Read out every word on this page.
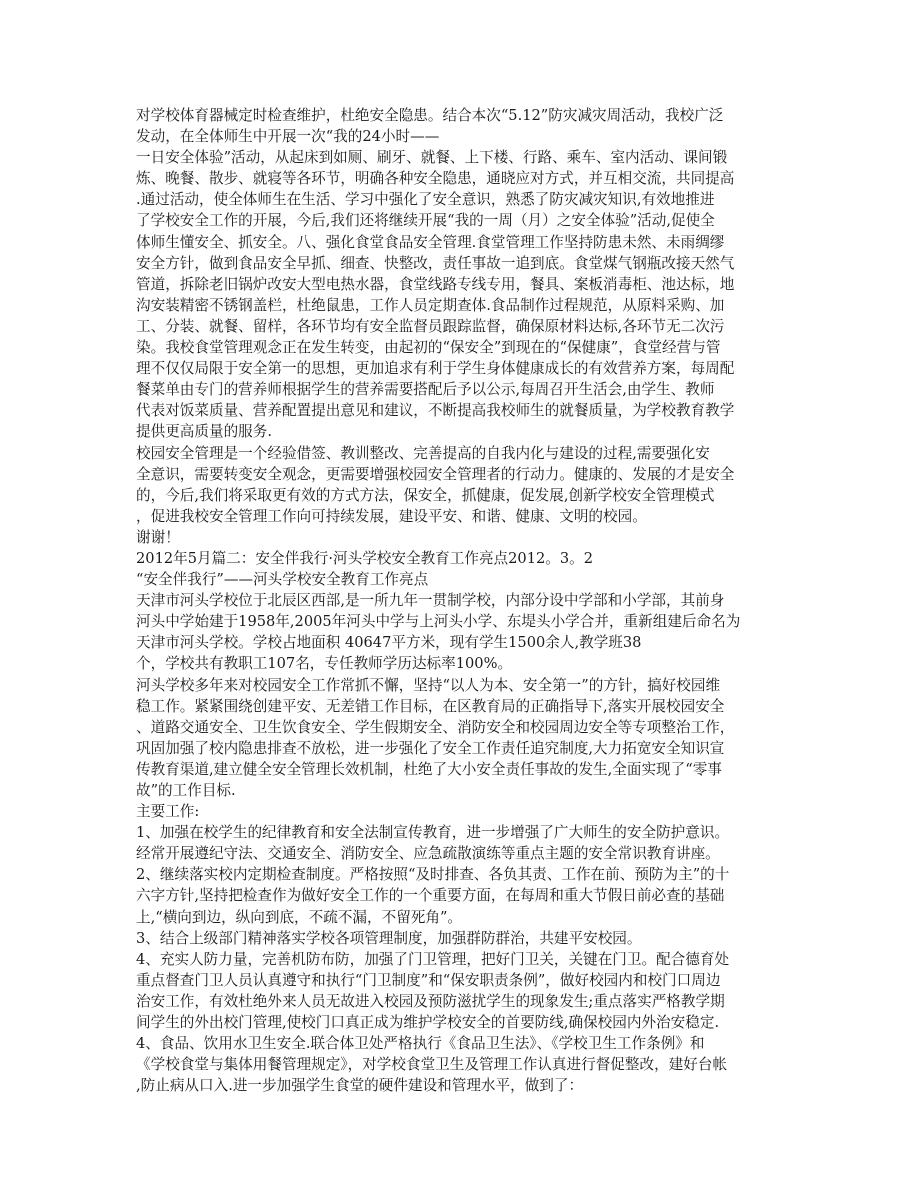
对学校体育器械定时检查维护，杜绝安全隐患。结合本次“5.12”防灾减灾周活动，我校广泛
发动，在全体师生中开展一次“我的24小时——
一日安全体验”活动，从起床到如厕、刷牙、就餐、上下楼、行路、乘车、室内活动、课间锻
炼、晚餐、散步、就寝等各环节，明确各种安全隐患，通晓应对方式，并互相交流，共同提高
.通过活动，使全体师生在生活、学习中强化了安全意识，熟悉了防灾减灾知识,有效地推进
了学校安全工作的开展，今后,我们还将继续开展“我的一周（月）之安全体验”活动,促使全
体师生懂安全、抓安全。八、强化食堂食品安全管理.食堂管理工作坚持防患未然、未雨绸缪
安全方针，做到食品安全早抓、细查、快整改，责任事故一追到底。食堂煤气钢瓶改接天然气
管道，拆除老旧锅炉改安大型电热水器，食堂线路专线专用，餐具、案板消毒柜、池达标，地
沟安装精密不锈钢盖栏，杜绝鼠患，工作人员定期查体.食品制作过程规范，从原料采购、加
工、分装、就餐、留样，各环节均有安全监督员跟踪监督，确保原材料达标,各环节无二次污
染。我校食堂管理观念正在发生转变，由起初的“保安全”到现在的“保健康”，食堂经营与管
理不仅仅局限于安全第一的思想，更加追求有利于学生身体健康成长的有效营养方案，每周配
餐菜单由专门的营养师根据学生的营养需要搭配后予以公示,每周召开生活会,由学生、教师
代表对饭菜质量、营养配置提出意见和建议，不断提高我校师生的就餐质量，为学校教育教学
提供更高质量的服务.
校园安全管理是一个经验借签、教训整改、完善提高的自我内化与建设的过程,需要强化安
全意识，需要转变安全观念，更需要增强校园安全管理者的行动力。健康的、发展的才是安全
的，今后,我们将采取更有效的方式方法，保安全，抓健康，促发展,创新学校安全管理模式
，促进我校安全管理工作向可持续发展，建设平安、和谐、健康、文明的校园。
谢谢！
2012年5月篇二：安全伴我行·河头学校安全教育工作亮点2012。3。2
“安全伴我行”——河头学校安全教育工作亮点
天津市河头学校位于北辰区西部,是一所九年一贯制学校，内部分设中学部和小学部，其前身
河头中学始建于1958年,2005年河头中学与上河头小学、东堤头小学合并，重新组建后命名为
天津市河头学校。学校占地面积 40647平方米，现有学生1500余人,教学班38
个，学校共有教职工107名，专任教师学历达标率100%。
河头学校多年来对校园安全工作常抓不懈，坚持“以人为本、安全第一”的方针，搞好校园维
稳工作。紧紧围绕创建平安、无差错工作目标，在区教育局的正确指导下,落实开展校园安全
、道路交通安全、卫生饮食安全、学生假期安全、消防安全和校园周边安全等专项整治工作，
巩固加强了校内隐患排查不放松，进一步强化了安全工作责任追究制度,大力拓宽安全知识宣
传教育渠道,建立健全安全管理长效机制，杜绝了大小安全责任事故的发生,全面实现了“零事
故”的工作目标.
主要工作:
1、加强在校学生的纪律教育和安全法制宣传教育，进一步增强了广大师生的安全防护意识。
经常开展遵纪守法、交通安全、消防安全、应急疏散演练等重点主题的安全常识教育讲座。
2、继续落实校内定期检查制度。严格按照“及时排查、各负其责、工作在前、预防为主”的十
六字方针,坚持把检查作为做好安全工作的一个重要方面，在每周和重大节假日前必查的基础
上,“横向到边，纵向到底，不疏不漏，不留死角”。
3、结合上级部门精神落实学校各项管理制度，加强群防群治，共建平安校园。
4、充实人防力量，完善机防布防，加强了门卫管理，把好门卫关，关键在门卫。配合德育处
重点督查门卫人员认真遵守和执行“门卫制度”和“保安职责条例”，做好校园内和校门口周边
治安工作，有效杜绝外来人员无故进入校园及预防滋扰学生的现象发生;重点落实严格教学期
间学生的外出校门管理,使校门口真正成为维护学校安全的首要防线,确保校园内外治安稳定.
4、食品、饮用水卫生安全.联合体卫处严格执行《食品卫生法》、《学校卫生工作条例》和
《学校食堂与集体用餐管理规定》，对学校食堂卫生及管理工作认真进行督促整改，建好台帐
,防止病从口入.进一步加强学生食堂的硬件建设和管理水平，做到了：
